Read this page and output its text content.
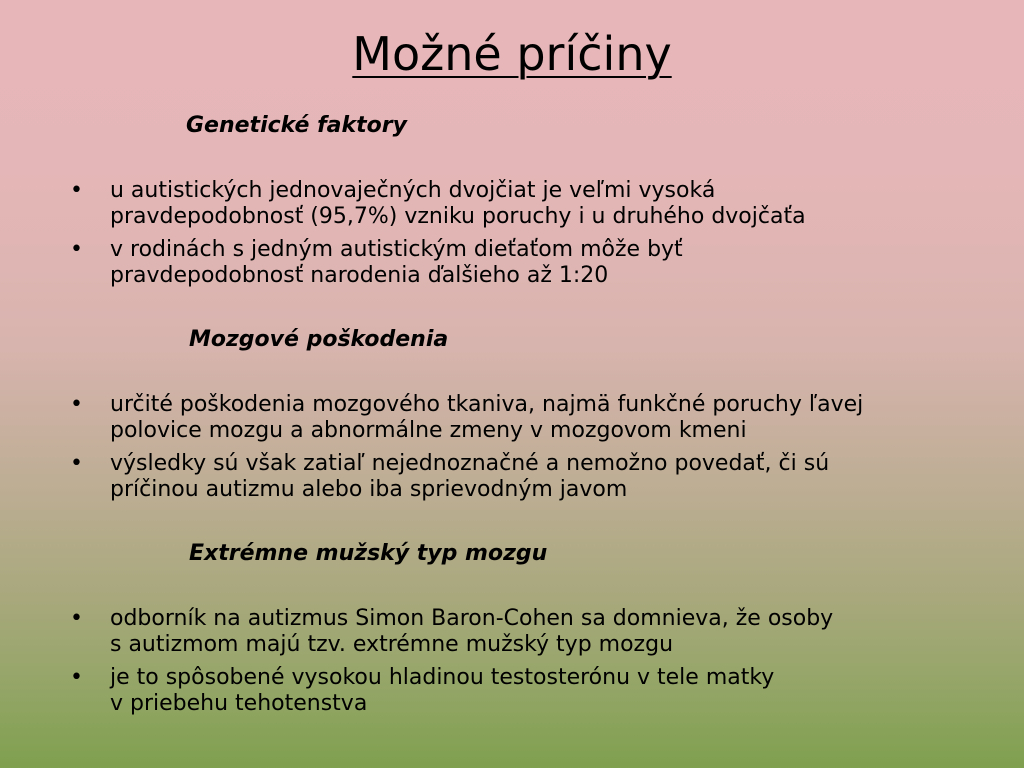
Možné príčiny
Genetické faktory
•	u autistických jednovaječných dvojčiat je veľmi vysoká
pravdepodobnosť (95,7%) vzniku poruchy i u druhého dvojčaťa
•	v rodinách s jedným autistickým dieťaťom môže byť
pravdepodobnosť narodenia ďalšieho až 1:20
Mozgové poškodenia
•	určité poškodenia mozgového tkaniva, najmä funkčné poruchy ľavej
polovice mozgu a abnormálne zmeny v mozgovom kmeni
•	výsledky sú však zatiaľ nejednoznačné a nemožno povedať, či sú
príčinou autizmu alebo iba sprievodným javom
Extrémne mužský typ mozgu
•	odborník na autizmus Simon Baron-Cohen sa domnieva, že osoby
s autizmom majú tzv. extrémne mužský typ mozgu
•	je to spôsobené vysokou hladinou testosterónu v tele matky
v priebehu tehotenstva
